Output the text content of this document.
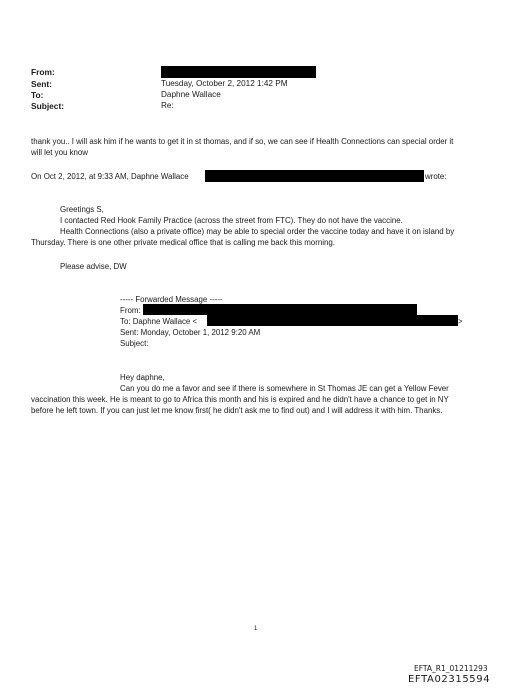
From:
Sent:	Tuesday, October 2, 2012 1:42 PM
To:	Daphne Wallace
Subject:	Re:
thank you.. I will ask him if he wants to get it in st thomas, and if so, we can see if Health Connections can special order it
will let you know
On Oct 2, 2012, at 9:33 AM, Daphne Wallace	wrote:
Greetings S,
I contacted Red Hook Family Practice (across the street from FTC). They do not have the vaccine.
Health Connections (also a private office) may be able to special order the vaccine today and have it on island by
Thursday. There is one other private medical office that is calling me back this morning.
Please advise, DW
----- Forwarded Message -----
From:
To: Daphne Wallace <	>
Sent: Monday, October 1, 2012 9:20 AM
Subject:
Hey daphne,
Can you do me a favor and see if there is somewhere in St Thomas JE can get a Yellow Fever
vaccination this week. He is meant to go to Africa this month and his is expired and he didn't have a chance to get in NY
before he left town. If you can just let me know first( he didn't ask me to find out) and I will address it with him. Thanks.
1
EFTA_R1_01211293
EFTA02315594
